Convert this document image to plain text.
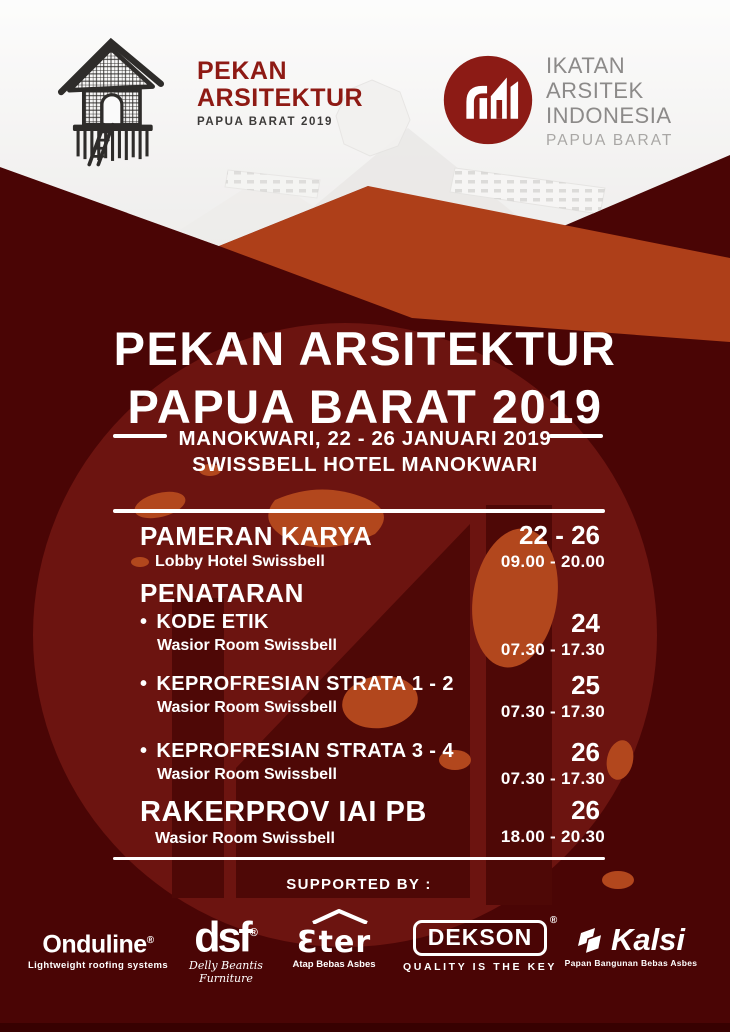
PEKAN
ARSITEKTUR
PAPUA BARAT 2019
IKATAN
ARSITEK
INDONESIA
PAPUA BARAT
PEKAN ARSITEKTUR
PAPUA BARAT 2019
MANOKWARI, 22 - 26 JANUARI 2019
SWISSBELL HOTEL MANOKWARI
PAMERAN KARYA
Lobby Hotel Swissbell
22 - 26
09.00 - 20.00
PENATARAN
• KODE ETIK
Wasior Room Swissbell
24
07.30 - 17.30
• KEPROFRESIAN STRATA 1 - 2
Wasior Room Swissbell
25
07.30 - 17.30
• KEPROFRESIAN STRATA 3 - 4
Wasior Room Swissbell
26
07.30 - 17.30
RAKERPROV IAI PB
Wasior Room Swissbell
26
18.00 - 20.30
SUPPORTED BY :
Onduline®
Lightweight roofing systems
dsf®
Delly Beantis Furniture
Ɛter
Atap Bebas Asbes
DEKSON
®
QUALITY IS THE KEY
Kalsi
Papan Bangunan Bebas Asbes
